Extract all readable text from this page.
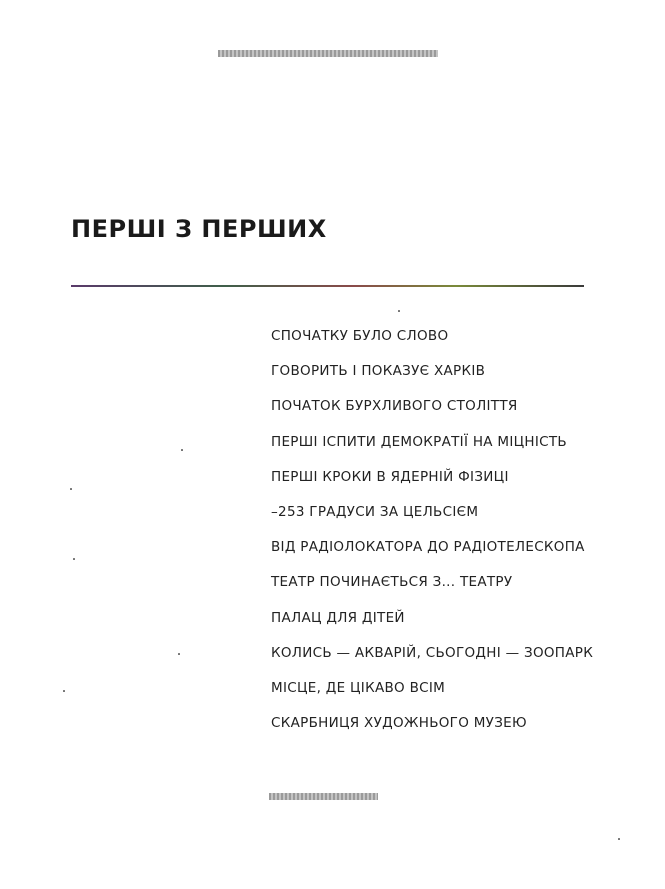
ПЕРШІ З ПЕРШИХ
СПОЧАТКУ БУЛО СЛОВО
ГОВОРИТЬ І ПОКАЗУЄ ХАРКІВ
ПОЧАТОК БУРХЛИВОГО СТОЛІТТЯ
ПЕРШІ ІСПИТИ ДЕМОКРАТІЇ НА МІЦНІСТЬ
ПЕРШІ КРОКИ В ЯДЕРНІЙ ФІЗИЦІ
–253 ГРАДУСИ ЗА ЦЕЛЬСІЄМ
ВІД РАДІОЛОКАТОРА ДО РАДІОТЕЛЕСКОПА
ТЕАТР ПОЧИНАЄТЬСЯ З... ТЕАТРУ
ПАЛАЦ ДЛЯ ДІТЕЙ
КОЛИСЬ — АКВАРІЙ, СЬОГОДНІ — ЗООПАРК
МІСЦЕ, ДЕ ЦІКАВО ВСІМ
СКАРБНИЦЯ ХУДОЖНЬОГО МУЗЕЮ
